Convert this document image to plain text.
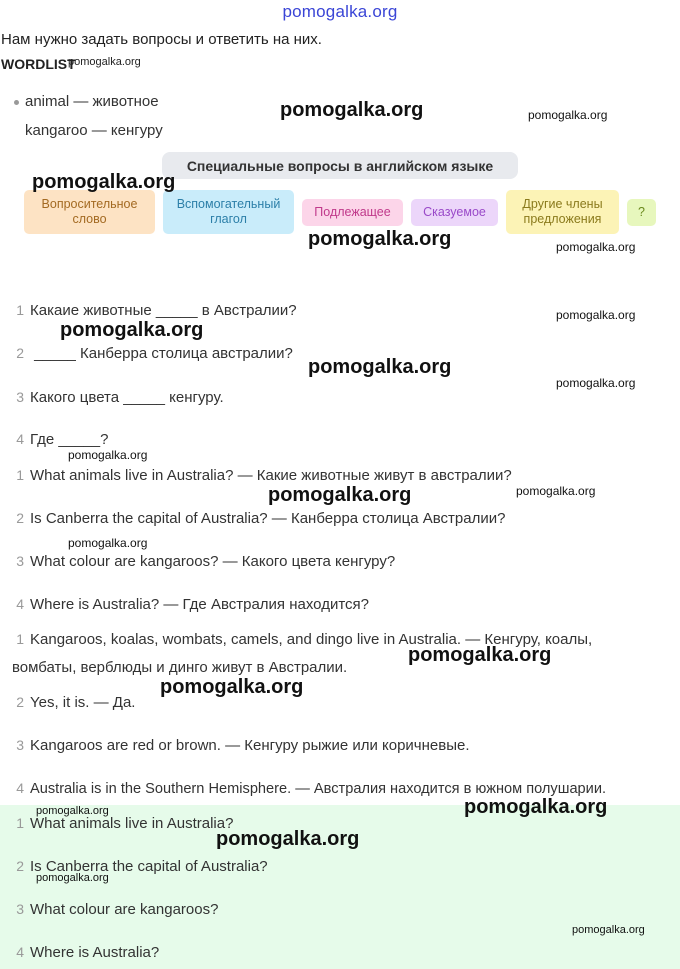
pomogalka.org
Нам нужно задать вопросы и ответить на них.
WORDLIST
pomogalka.org
animal — животное
kangaroo — кенгуру
Специальные вопросы в английском языке
Вопросительное слово
Вспомогательный глагол	Подлежащее	Сказуемое
Другие члены предложения	?
1 Какаие животные _____ в Австралии?
2 _____ Канберра столица австралии?
3 Какого цвета _____ кенгуру.
4 Где _____?
1 What animals live in Australia? — Какие животные живут в австралии?
2 Is Canberra the capital of Australia? — Канберра столица Австралии?
3 What colour are kangaroos? — Какого цвета кенгуру?
4 Where is Australia? — Где Австралия находится?
1 Kangaroos, koalas, wombats, camels, and dingo live in Australia. — Кенгуру, коалы, вомбаты, верблюды и динго живут в Австралии.
2 Yes, it is. — Да.
3 Kangaroos are red or brown. — Кенгуру рыжие или коричневые.
4 Australia is in the Southern Hemisphere. — Австралия находится в южном полушарии.
1 What animals live in Australia?
2 Is Canberra the capital of Australia?
3 What colour are kangaroos?
4 Where is Australia?
pomogalka.org	pomogalka.org
pomogalka.org
pomogalka.org	pomogalka.org
pomogalka.org
pomogalka.org
pomogalka.org
pomogalka.org
pomogalka.org
pomogalka.org	pomogalka.org
pomogalka.org
pomogalka.org
pomogalka.org
pomogalka.org	pomogalka.org
pomogalka.org
pomogalka.org
pomogalka.org
